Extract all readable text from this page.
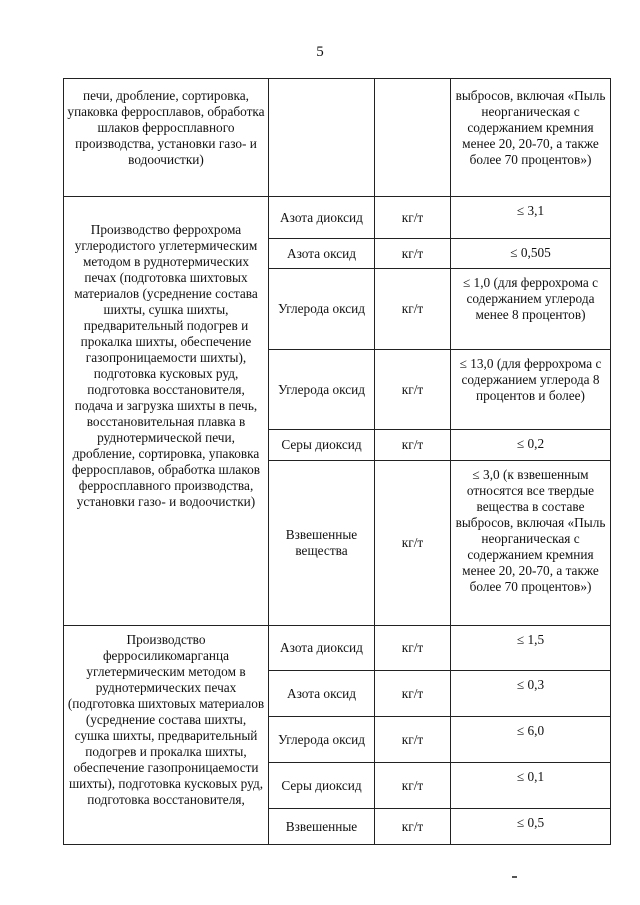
5
печи, дробление, сортировка, упаковка ферросплавов, обработка шлаков ферросплавного производства, установки газо- и водоочистки)			выбросов, включая «Пыль неорганическая с содержанием кремния менее 20, 20-70, а также более 70 процентов»)
Производство феррохрома углеродистого углетермическим методом в руднотермических печах (подготовка шихтовых материалов (усреднение состава шихты, сушка шихты, предварительный подогрев и прокалка шихты, обеспечение газопроницаемости шихты), подготовка кусковых руд, подготовка восстановителя, подача и загрузка шихты в печь, восстановительная плавка в руднотермической печи, дробление, сортировка, упаковка ферросплавов, обработка шлаков ферросплавного производства, установки газо- и водоочистки)	Азота диоксид	кг/т	≤ 3,1
	Азота оксид	кг/т	≤ 0,505
	Углерода оксид	кг/т	≤ 1,0 (для феррохрома с содержанием углерода менее 8 процентов)
	Углерода оксид	кг/т	≤ 13,0 (для феррохрома с содержанием углерода 8 процентов и более)
	Серы диоксид	кг/т	≤ 0,2
	Взвешенные вещества	кг/т	≤ 3,0 (к взвешенным относятся все твердые вещества в составе выбросов, включая «Пыль неорганическая с содержанием кремния менее 20, 20-70, а также более 70 процентов»)
Производство ферросиликомарганца углетермическим методом в руднотермических печах (подготовка шихтовых материалов (усреднение состава шихты, сушка шихты, предварительный подогрев и прокалка шихты, обеспечение газопроницаемости шихты), подготовка кусковых руд, подготовка восстановителя,	Азота диоксид	кг/т	≤ 1,5
	Азота оксид	кг/т	≤ 0,3
	Углерода оксид	кг/т	≤ 6,0
	Серы диоксид	кг/т	≤ 0,1
	Взвешенные	кг/т	≤ 0,5
